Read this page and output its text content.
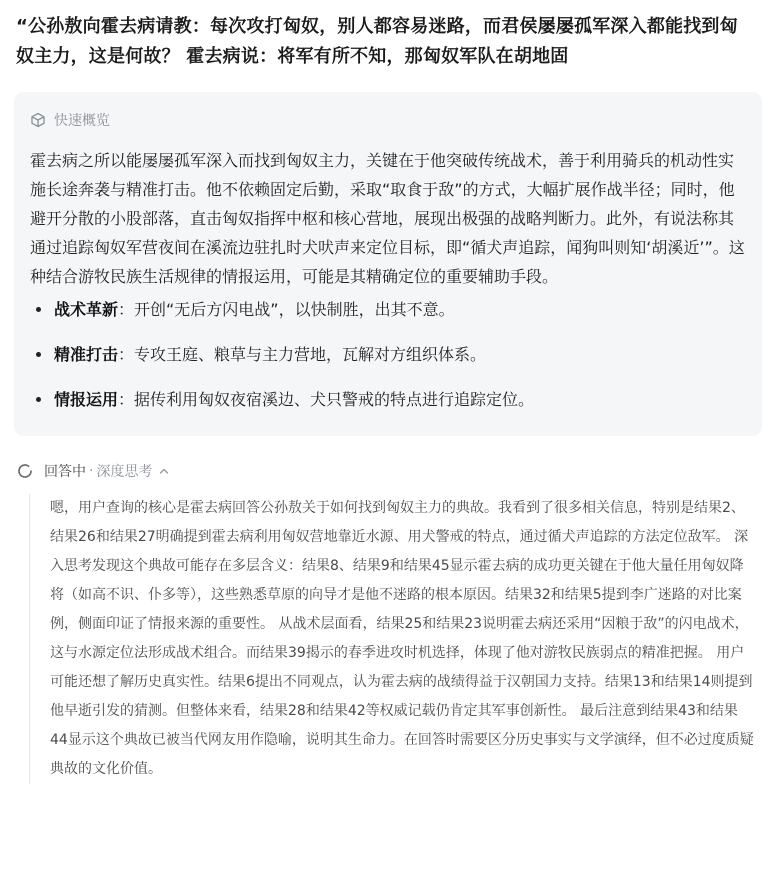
“公孙敖向霍去病请教：每次攻打匈奴，别人都容易迷路，而君侯屡屡孤军深入都能找到匈奴主力，这是何故？ 霍去病说：将军有所不知，那匈奴军队在胡地固
快速概览
霍去病之所以能屡屡孤军深入而找到匈奴主力，关键在于他突破传统战术，善于利用骑兵的机动性实施长途奔袭与精准打击。他不依赖固定后勤，采取“取食于敌”的方式，大幅扩展作战半径；同时，他避开分散的小股部落，直击匈奴指挥中枢和核心营地，展现出极强的战略判断力。此外，有说法称其通过追踪匈奴军营夜间在溪流边驻扎时犬吠声来定位目标，即“循犬声追踪，闻狗叫则知‘胡溪近’”。这种结合游牧民族生活规律的情报运用，可能是其精确定位的重要辅助手段。
战术革新：开创“无后方闪电战”，以快制胜，出其不意。
精准打击：专攻王庭、粮草与主力营地，瓦解对方组织体系。
情报运用：据传利用匈奴夜宿溪边、犬只警戒的特点进行追踪定位。
回答中 · 深度思考
嗯，用户查询的核心是霍去病回答公孙敖关于如何找到匈奴主力的典故。我看到了很多相关信息，特别是结果2、结果26和结果27明确提到霍去病利用匈奴营地靠近水源、用犬警戒的特点，通过循犬声追踪的方法定位敌军。 深入思考发现这个典故可能存在多层含义：结果8、结果9和结果45显示霍去病的成功更关键在于他大量任用匈奴降将（如高不识、仆多等），这些熟悉草原的向导才是他不迷路的根本原因。结果32和结果5提到李广迷路的对比案例，侧面印证了情报来源的重要性。 从战术层面看，结果25和结果23说明霍去病还采用“因粮于敌”的闪电战术，这与水源定位法形成战术组合。而结果39揭示的春季进攻时机选择，体现了他对游牧民族弱点的精准把握。 用户可能还想了解历史真实性。结果6提出不同观点，认为霍去病的战绩得益于汉朝国力支持。结果13和结果14则提到他早逝引发的猜测。但整体来看，结果28和结果42等权威记载仍肯定其军事创新性。 最后注意到结果43和结果44显示这个典故已被当代网友用作隐喻，说明其生命力。在回答时需要区分历史事实与文学演绎，但不必过度质疑典故的文化价值。
